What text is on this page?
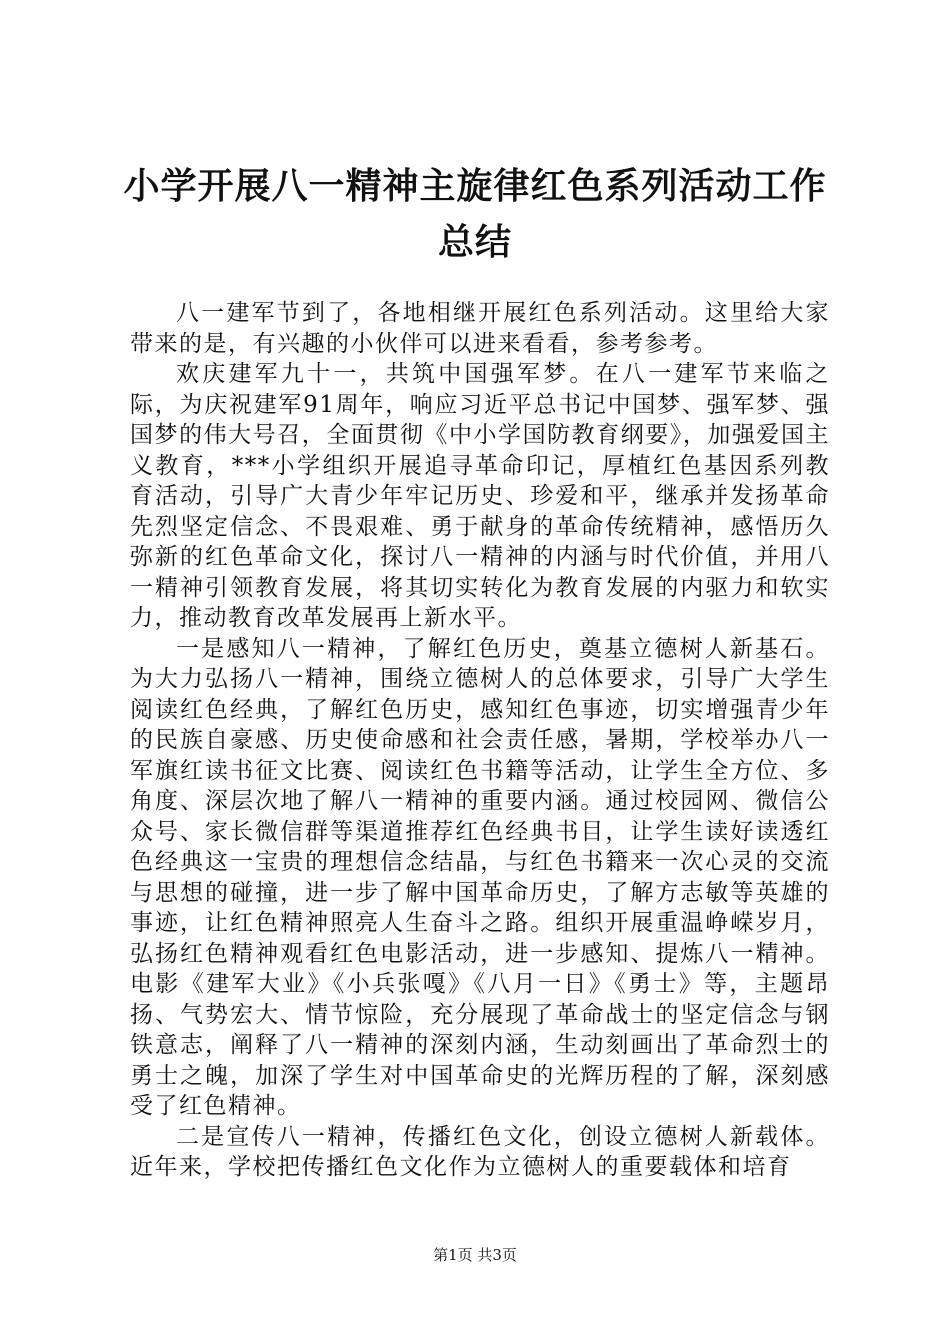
小学开展八一精神主旋律红色系列活动工作总结

八一建军节到了，各地相继开展红色系列活动。这里给大家带来的是，有兴趣的小伙伴可以进来看看，参考参考。

欢庆建军九十一，共筑中国强军梦。在八一建军节来临之际，为庆祝建军91周年，响应习近平总书记中国梦、强军梦、强国梦的伟大号召，全面贯彻《中小学国防教育纲要》，加强爱国主义教育，***小学组织开展追寻革命印记，厚植红色基因系列教育活动，引导广大青少年牢记历史、珍爱和平，继承并发扬革命先烈坚定信念、不畏艰难、勇于献身的革命传统精神，感悟历久弥新的红色革命文化，探讨八一精神的内涵与时代价值，并用八一精神引领教育发展，将其切实转化为教育发展的内驱力和软实力，推动教育改革发展再上新水平。

一是感知八一精神，了解红色历史，奠基立德树人新基石。为大力弘扬八一精神，围绕立德树人的总体要求，引导广大学生阅读红色经典，了解红色历史，感知红色事迹，切实增强青少年的民族自豪感、历史使命感和社会责任感，暑期，学校举办八一军旗红读书征文比赛、阅读红色书籍等活动，让学生全方位、多角度、深层次地了解八一精神的重要内涵。通过校园网、微信公众号、家长微信群等渠道推荐红色经典书目，让学生读好读透红色经典这一宝贵的理想信念结晶，与红色书籍来一次心灵的交流与思想的碰撞，进一步了解中国革命历史，了解方志敏等英雄的事迹，让红色精神照亮人生奋斗之路。组织开展重温峥嵘岁月，弘扬红色精神观看红色电影活动，进一步感知、提炼八一精神。电影《建军大业》《小兵张嘎》《八月一日》《勇士》等，主题昂扬、气势宏大、情节惊险，充分展现了革命战士的坚定信念与钢铁意志，阐释了八一精神的深刻内涵，生动刻画出了革命烈士的勇士之魄，加深了学生对中国革命史的光辉历程的了解，深刻感受了红色精神。

二是宣传八一精神，传播红色文化，创设立德树人新载体。近年来，学校把传播红色文化作为立德树人的重要载体和培育

第1页 共3页
